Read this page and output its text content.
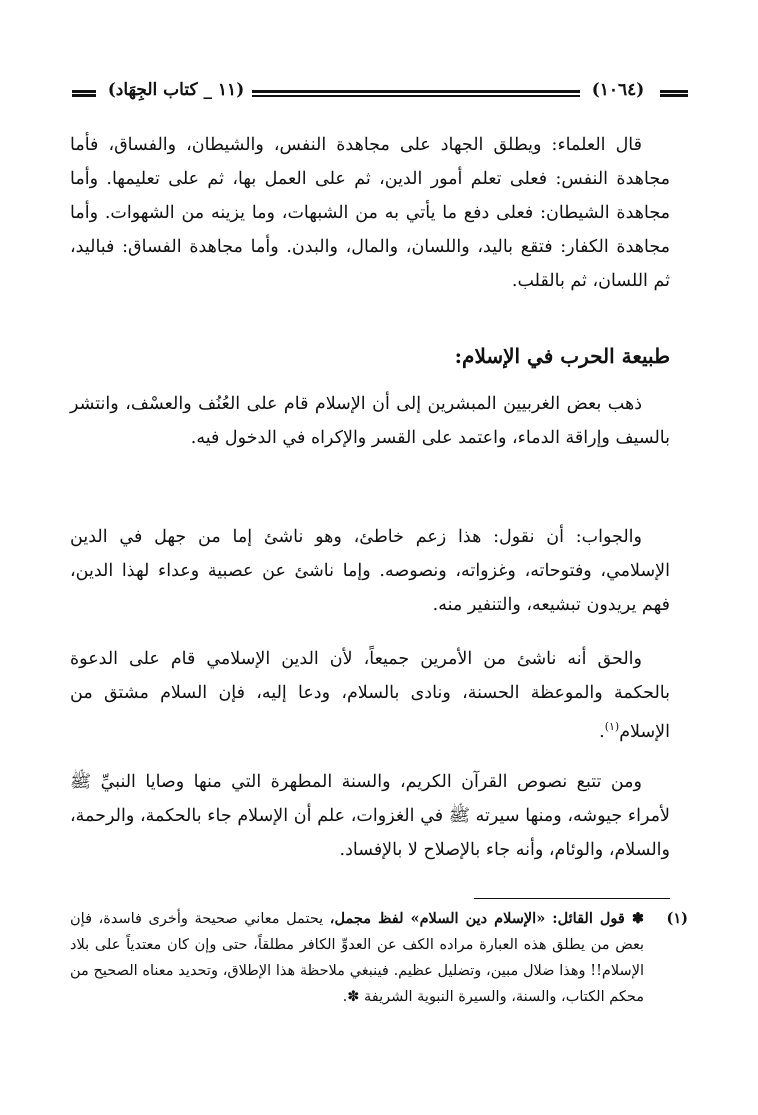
(١٠٦٤)
(١١ _ كتاب الجِهَاد)
قال العلماء: ويطلق الجهاد على مجاهدة النفس، والشيطان، والفساق، فأما مجاهدة النفس: فعلى تعلم أمور الدين، ثم على العمل بها، ثم على تعليمها. وأما مجاهدة الشيطان: فعلى دفع ما يأتي به من الشبهات، وما يزينه من الشهوات. وأما مجاهدة الكفار: فتقع باليد، واللسان، والمال، والبدن. وأما مجاهدة الفساق: فباليد، ثم اللسان، ثم بالقلب.
طبيعة الحرب في الإسلام:
ذهب بعض الغربيين المبشرين إلى أن الإسلام قام على العُنُف والعسْف، وانتشر بالسيف وإراقة الدماء، واعتمد على القسر والإكراه في الدخول فيه.
والجواب: أن نقول: هذا زعم خاطئ، وهو ناشئ إما من جهل في الدين الإسلامي، وفتوحاته، وغزواته، ونصوصه. وإما ناشئ عن عصبية وعداء لهذا الدين، فهم يريدون تبشيعه، والتنفير منه.
والحق أنه ناشئ من الأمرين جميعاً، لأن الدين الإسلامي قام على الدعوة بالحكمة والموعظة الحسنة، ونادى بالسلام، ودعا إليه، فإن السلام مشتق من الإسلام$^{(١)}$.
ومن تتبع نصوص القرآن الكريم، والسنة المطهرة التي منها وصايا النبيِّ ﷺ لأمراء جيوشه، ومنها سيرته ﷺ في الغزوات، علم أن الإسلام جاء بالحكمة، والرحمة، والسلام، والوئام، وأنه جاء بالإصلاح لا بالإفساد.
(١)
✽ قول القائل: «الإسلام دين السلام» لفظ مجمل، يحتمل معاني صحيحة وأخرى فاسدة، فإن بعض من يطلق هذه العبارة مراده الكف عن العدوِّ الكافر مطلقاً، حتى وإن كان معتدياً على بلاد الإسلام!! وهذا ضلال مبين، وتضليل عظيم. فينبغي ملاحظة هذا الإطلاق، وتحديد معناه الصحيح من محكم الكتاب، والسنة، والسيرة النبوية الشريفة ✽.
